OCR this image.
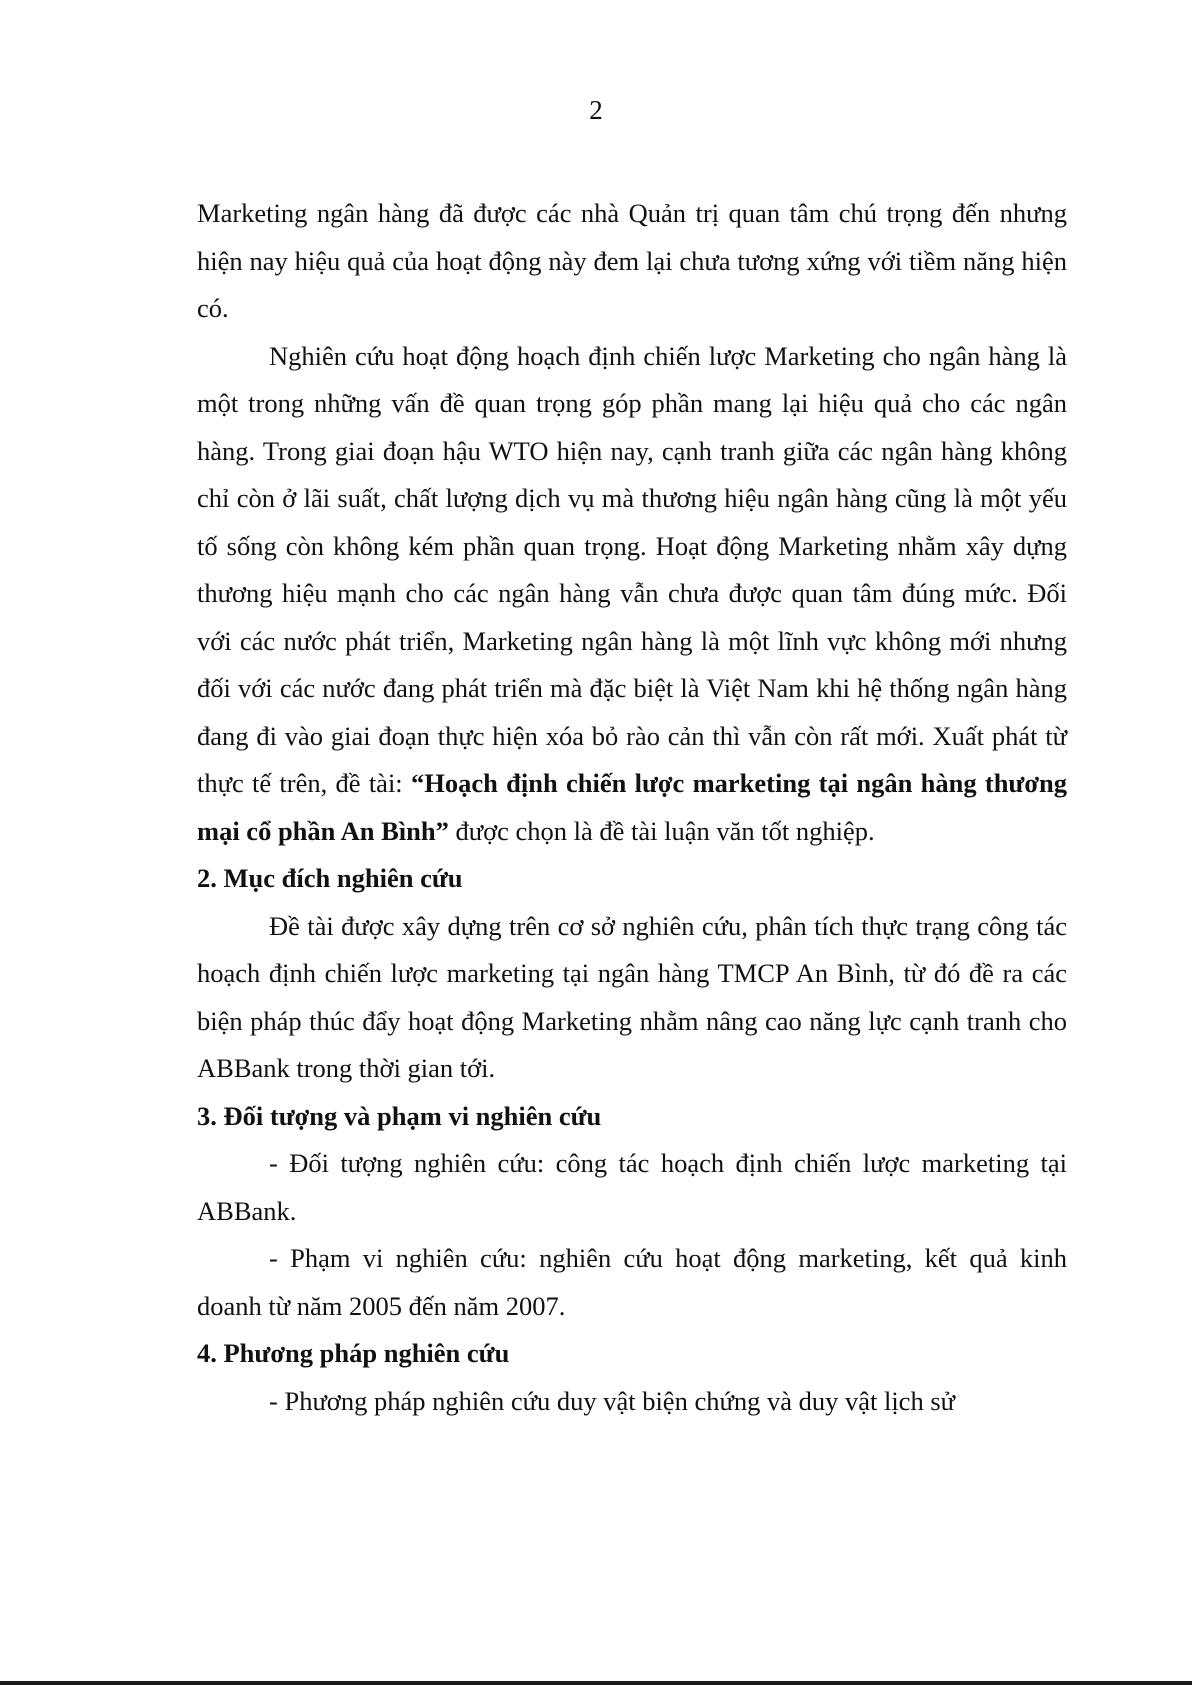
2

Marketing ngân hàng đã được các nhà Quản trị quan tâm chú trọng đến nhưng hiện nay hiệu quả của hoạt động này đem lại chưa tương xứng với tiềm năng hiện có.

Nghiên cứu hoạt động hoạch định chiến lược Marketing cho ngân hàng là một trong những vấn đề quan trọng góp phần mang lại hiệu quả cho các ngân hàng. Trong giai đoạn hậu WTO hiện nay, cạnh tranh giữa các ngân hàng không chỉ còn ở lãi suất, chất lượng dịch vụ mà thương hiệu ngân hàng cũng là một yếu tố sống còn không kém phần quan trọng. Hoạt động Marketing nhằm xây dựng thương hiệu mạnh cho các ngân hàng vẫn chưa được quan tâm đúng mức. Đối với các nước phát triển, Marketing ngân hàng là một lĩnh vực không mới nhưng đối với các nước đang phát triển mà đặc biệt là Việt Nam khi hệ thống ngân hàng đang đi vào giai đoạn thực hiện xóa bỏ rào cản thì vẫn còn rất mới. Xuất phát từ thực tế trên, đề tài: “Hoạch định chiến lược marketing tại ngân hàng thương mại cổ phần An Bình” được chọn là đề tài luận văn tốt nghiệp.

2. Mục đích nghiên cứu

Đề tài được xây dựng trên cơ sở nghiên cứu, phân tích thực trạng công tác hoạch định chiến lược marketing tại ngân hàng TMCP An Bình, từ đó đề ra các biện pháp thúc đẩy hoạt động Marketing nhằm nâng cao năng lực cạnh tranh cho ABBank trong thời gian tới.

3. Đối tượng và phạm vi nghiên cứu

- Đối tượng nghiên cứu: công tác hoạch định chiến lược marketing tại ABBank.

- Phạm vi nghiên cứu: nghiên cứu hoạt động marketing, kết quả kinh doanh từ năm 2005 đến năm 2007.

4. Phương pháp nghiên cứu

- Phương pháp nghiên cứu duy vật biện chứng và duy vật lịch sử
